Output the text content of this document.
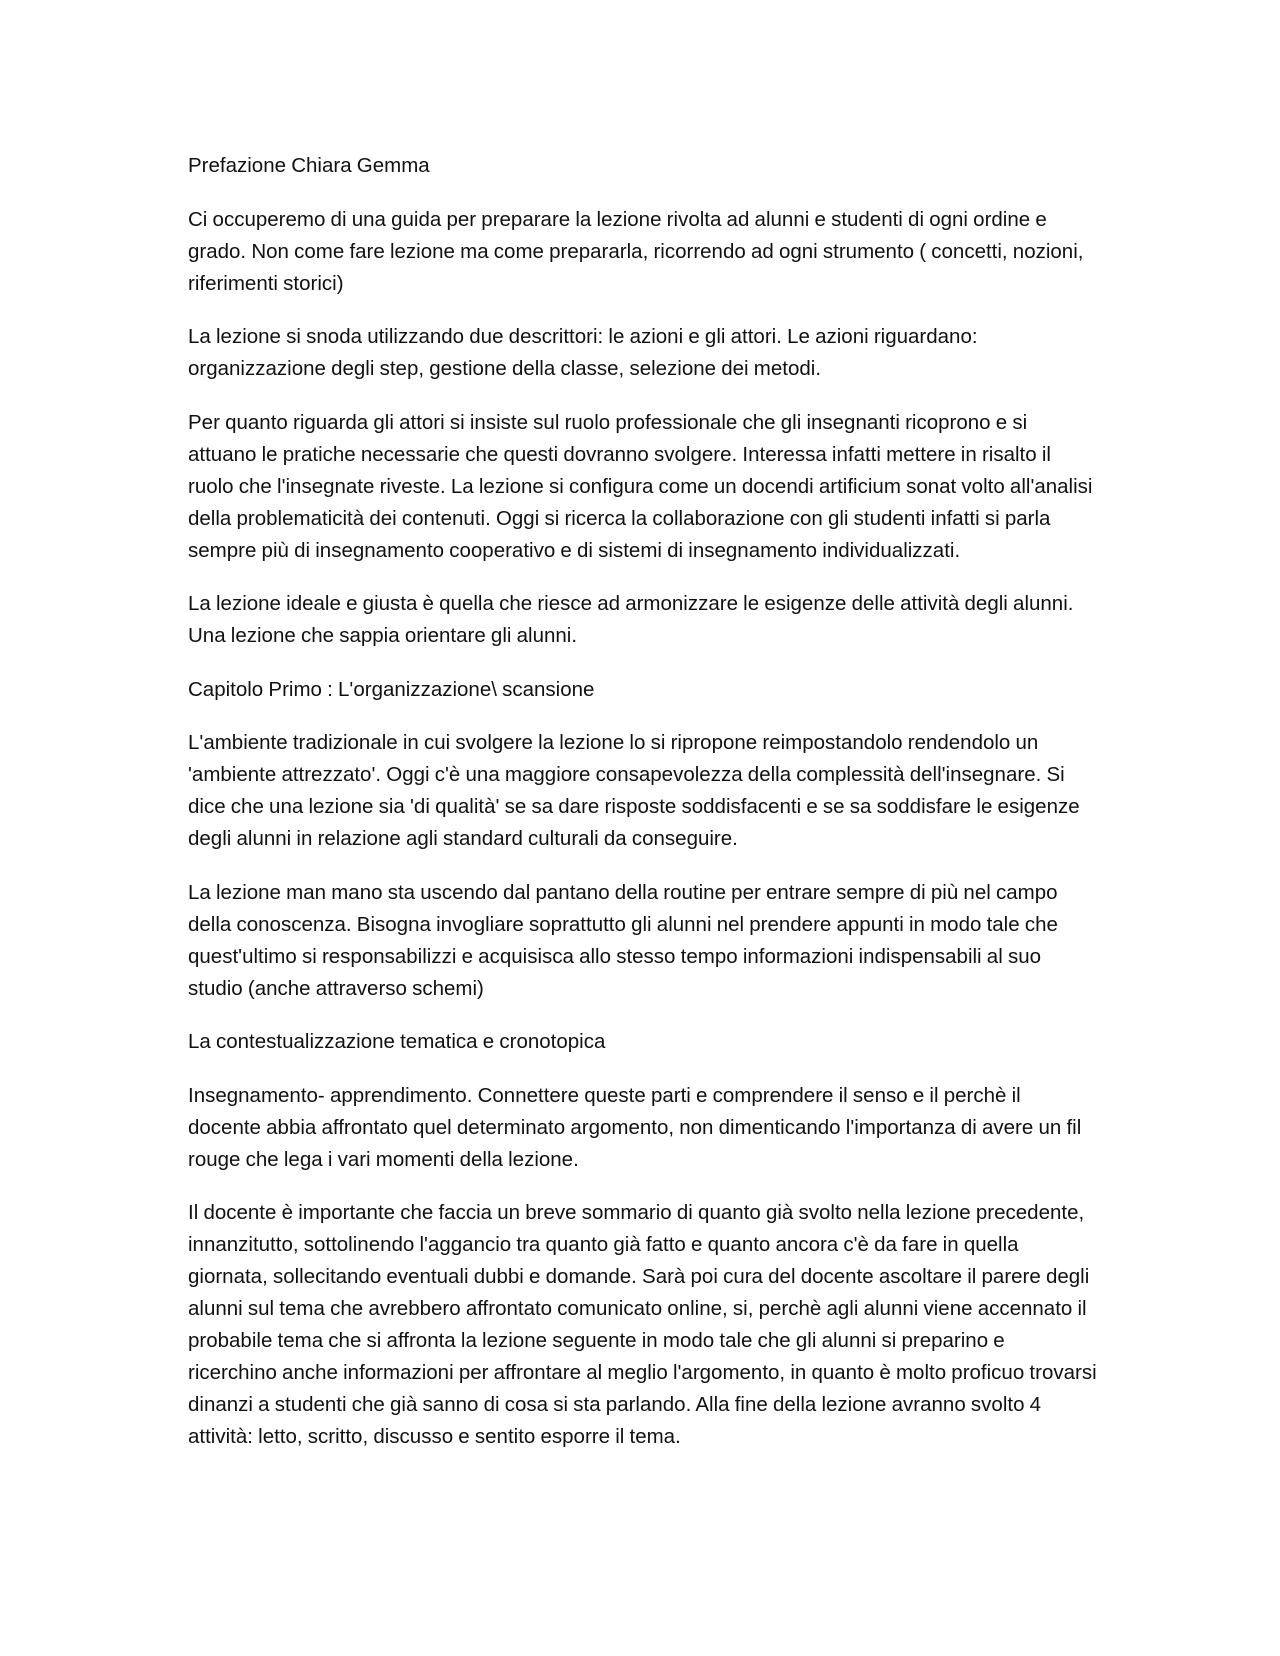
Prefazione Chiara Gemma

Ci occuperemo di una guida per preparare la lezione rivolta ad alunni e studenti di ogni ordine e grado. Non come fare lezione ma come prepararla, ricorrendo ad ogni strumento ( concetti, nozioni, riferimenti storici)

La lezione si snoda utilizzando due descrittori: le azioni e gli attori. Le azioni riguardano: organizzazione degli step, gestione della classe, selezione dei metodi.

Per quanto riguarda gli attori si insiste sul ruolo professionale che gli insegnanti ricoprono e si attuano le pratiche necessarie che questi dovranno svolgere. Interessa infatti mettere in risalto il ruolo che l'insegnate riveste. La lezione si configura come un docendi artificium sonat volto all'analisi della problematicità dei contenuti. Oggi si ricerca la collaborazione con gli studenti infatti si parla sempre più di insegnamento cooperativo e di sistemi di insegnamento individualizzati.

La lezione ideale e giusta è quella che riesce ad armonizzare le esigenze delle attività degli alunni. Una lezione che sappia orientare gli alunni.

Capitolo Primo : L'organizzazione\ scansione

L'ambiente tradizionale in cui svolgere la lezione lo si ripropone reimpostandolo rendendolo un 'ambiente attrezzato'. Oggi c'è una maggiore consapevolezza della complessità dell'insegnare. Si dice che una lezione sia 'di qualità' se sa dare risposte soddisfacenti e se sa soddisfare le esigenze degli alunni in relazione agli standard culturali da conseguire.

La lezione man mano sta uscendo dal pantano della routine per entrare sempre di più nel campo della conoscenza. Bisogna invogliare soprattutto gli alunni nel prendere appunti in modo tale che quest'ultimo si responsabilizzi e acquisisca allo stesso tempo informazioni indispensabili al suo studio (anche attraverso schemi)

La contestualizzazione tematica e cronotopica

Insegnamento- apprendimento. Connettere queste parti e comprendere il senso e il perchè il docente abbia affrontato quel determinato argomento, non dimenticando l'importanza di avere un fil rouge che lega i vari momenti della lezione.

Il docente è importante che faccia un breve sommario di quanto già svolto nella lezione precedente, innanzitutto, sottolinendo l'aggancio tra quanto già fatto e quanto ancora c'è da fare in quella giornata, sollecitando eventuali dubbi e domande. Sarà poi cura del docente ascoltare il parere degli alunni sul tema che avrebbero affrontato comunicato online, si, perchè agli alunni viene accennato il probabile tema che si affronta la lezione seguente in modo tale che gli alunni si preparino e ricerchino anche informazioni per affrontare al meglio l'argomento, in quanto è molto proficuo trovarsi dinanzi a studenti che già sanno di cosa si sta parlando. Alla fine della lezione avranno svolto 4 attività: letto, scritto, discusso e sentito esporre il tema.
